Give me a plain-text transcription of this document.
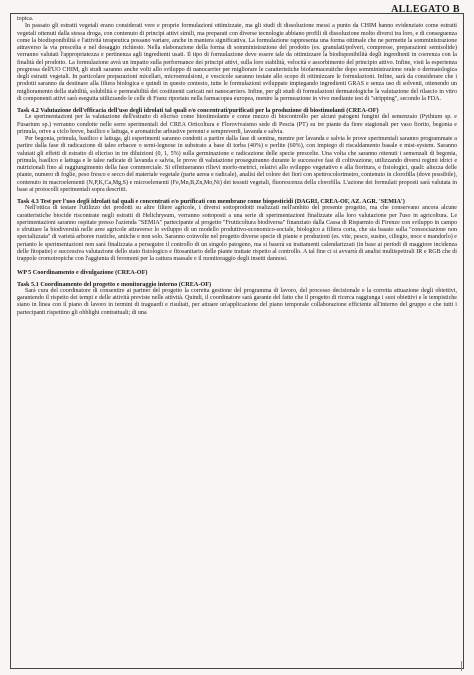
ALLEGATO B

topica.

In passato gli estratti vegetali erano considerati vere e proprie formulazioni ottimizzate, ma gli studi di dissoluzione messi a punto da CHIM hanno evidenziato come estratti vegetali ottenuti dalla stessa droga, con contenuto di principi attivi simili, ma preparati con diverse tecnologie abbiano profili di dissoluzione molto diversi tra loro, e di conseguenza come la biodisponibilità e l'attività terapeutica possano variare, anche in maniera significativa. La formulazione rappresenta una forma ottimale che ne permette la somministrazione attraverso la via prescelta e nel dosaggio richiesto. Nella elaborazione della forma di somministrazione del prodotto (es. granulati/polveri, compresse, preparazioni semisolide) verranno valutati l'appropriatezza e pertinenza agli ingredienti usati. Il tipo di formulazione deve essere tale da ottimizzare la biodisponibilità degli ingredienti in coerenza con la finalità del prodotto. La formulazione avrà un impatto sulla performance dei principi attivi, sulla loro stabilità, velocità e assorbimento del principio attivo. Infine, visti la esperienza pregressa dell'UO CHIM, gli studi saranno anche volti allo sviluppo di nanocarrier per migliorare le caratteristiche biofarmaceutiche dopo somministrazione orale o dermatologica degli estratti vegetali. In particolare preparazioni micellari, microemulsioni, e vescicole saranno testate allo scopo di ottimizzare le formulazioni. Infine, sarà da considerare che i prodotti saranno da destinare alla filiera biologica e quindi in questo contesto, tutte le formulazioni sviluppate impiegando ingredienti GRAS e senza uso di solventi, ottenendo un miglioramento della stabilità, solubilità e permeabilità dei costituenti caricati nei nanocarriers. Infine, per gli studi di formulazioni dermatologiche la valutazione del rilascio in vitro di componenti attivi sarà eseguita utilizzando le celle di Franz riportato nella farmacopea europea, mentre la permeazione in vivo mediante test di "stripping", secondo la FDA.

Task 4.2 Valutazione dell'efficacia dell'uso degli idrolati tal quali e/o concentrati/purificati per la produzione di biostimolanti (CREA-OF)

Le sperimentazioni per la valutazione dell'estratto di elicriso come biostimolante e come mezzo di biocontrollo per alcuni patogeni fungini del semenzaio (Pythium sp. e Fusarium sp.) verranno condotte nelle serre sperimentali del CREA Orticoltura e Florovivaismo sede di Pescia (PT) su tre piante da fiore stagionali per vaso fiorito, begonia e primula, orive a ciclo breve, basilico e lattuga, e aromatiche arbustive perenni e sempreverdi, lavanda e salvia.

Per begonia, primula, basilico e lattuga, gli esperimenti saranno condotti a partire dalla fase di semina, mentre per lavanda e salvia le prove sperimentali saranno programmate a partire dalla fase di radicazione di talee erbacee o semi-legnose in substrato a base di torba (40%) e perlite (60%), con impiego di riscaldamento basale e mist-system. Saranno valutati gli effetti di estratto di elicriso in tre diluizioni (0, 1, 5%) sulla germinazione e radicazione delle specie prescelte. Una volta che saranno ottenuti i semenzali di begonia, primula, basilico e lattuga e le talee radicate di lavanda e salvia, le prove di valutazione proseguiranno durante le successive fasi di coltivazione, utilizzando diversi regimi idrici e nutrizionali fino al raggiungimento della fase commerciale. Si effettueranno rilievi morfo-metrici, relativi allo sviluppo vegetativo e alla fioritura, e fisiologici, quali: altezza delle piante, numero di foglie, peso fresco e secco del materiale vegetale (parte aerea e radicale), analisi del colore dei fiori con spettrocolorimetro, contenuto in clorofilla (dove possibile), contenuto in macroelementi (N,P,K,Ca,Mg,S) e microelementi (Fe,Mn,B,Zn,Mo,Ni) dei tessuti vegetali, fluorescenza della clorofilla. L'azione dei formulati proposti sarà valutata in base ai protocolli sperimentali sopra descritti.

Task 4.3 Test per l'uso degli idrolati tal quali e concentrati e/o purificati con membrane come biopesticidi (DAGRI, CREA-OF, AZ. AGR. 'SEMIA')

Nell'ottica di testare l'utilizzo dei prodotti su altre filiere agricole, i diversi sottoprodotti realizzati nell'ambito del presente progetto, ma che conservano ancora alcune caratteristiche biocide riscontrate negli estratti di Helichrysum, verranno sottoposti a una serie di sperimentazioni finalizzate alla loro valutazione per l'uso in agricoltura. Le sperimentazioni saranno ospitate presso l'azienda "SEMIA" partecipante al progetto "Frutticoltura biodiversa" finanziato dalla Cassa di Risparmio di Firenze con sviluppo in campo e sfruttare la biodiversità nelle aree agricole attraverso lo sviluppo di un modello produttivo-economico-sociale, biologico a filiera corta, che sia basato sulla "consociazione non specializzata" di varietà arboree rustiche, antiche e non solo. Saranno coinvolte nel progetto diverse specie di piante e produzioni (es. vite, pesco, susino, ciliegio, noce e mandorlo) e pertanto le sperimentazioni non sarà finalizzata a perseguire il controllo di un singolo patogeno, ma si baserà su trattamenti calendarizzati (in base ai periodi di maggiore incidenza delle fitopatie) e successiva valutazione dello stato fisiologico e fitosanitario delle piante trattate rispetto al controllo. A tal fine ci si avvarrà di analisi multispettrali IR e RGB che di trappole cromotropiche con l'aggiunta di feromoni per la cattura massale e il monitoraggio degli insetti dannosi.

WP 5 Coordinamento e divulgazione (CREA-OF)

Task 5.1 Coordinamento del progetto e monitoraggio interno (CREA-OF)

Sarà cura del coordinatore di consentire ai partner del progetto la corretta gestione del programma di lavoro, del processo decisionale e la corretta attuazione degli obiettivi, garantendo il rispetto dei tempi e delle attività previste nelle attività. Quindi, il coordinatore sarà garante del fatto che il progetto di ricerca raggiunga i suoi obiettivi e le tempistiche siano in linea con il piano di lavoro in termini di traguardi e risultati, per attuare un'applicazione del piano temporale collaborazione efficiente all'interno del gruppo e che tutti i partecipanti rispettino gli obblighi contrattuali; di una
